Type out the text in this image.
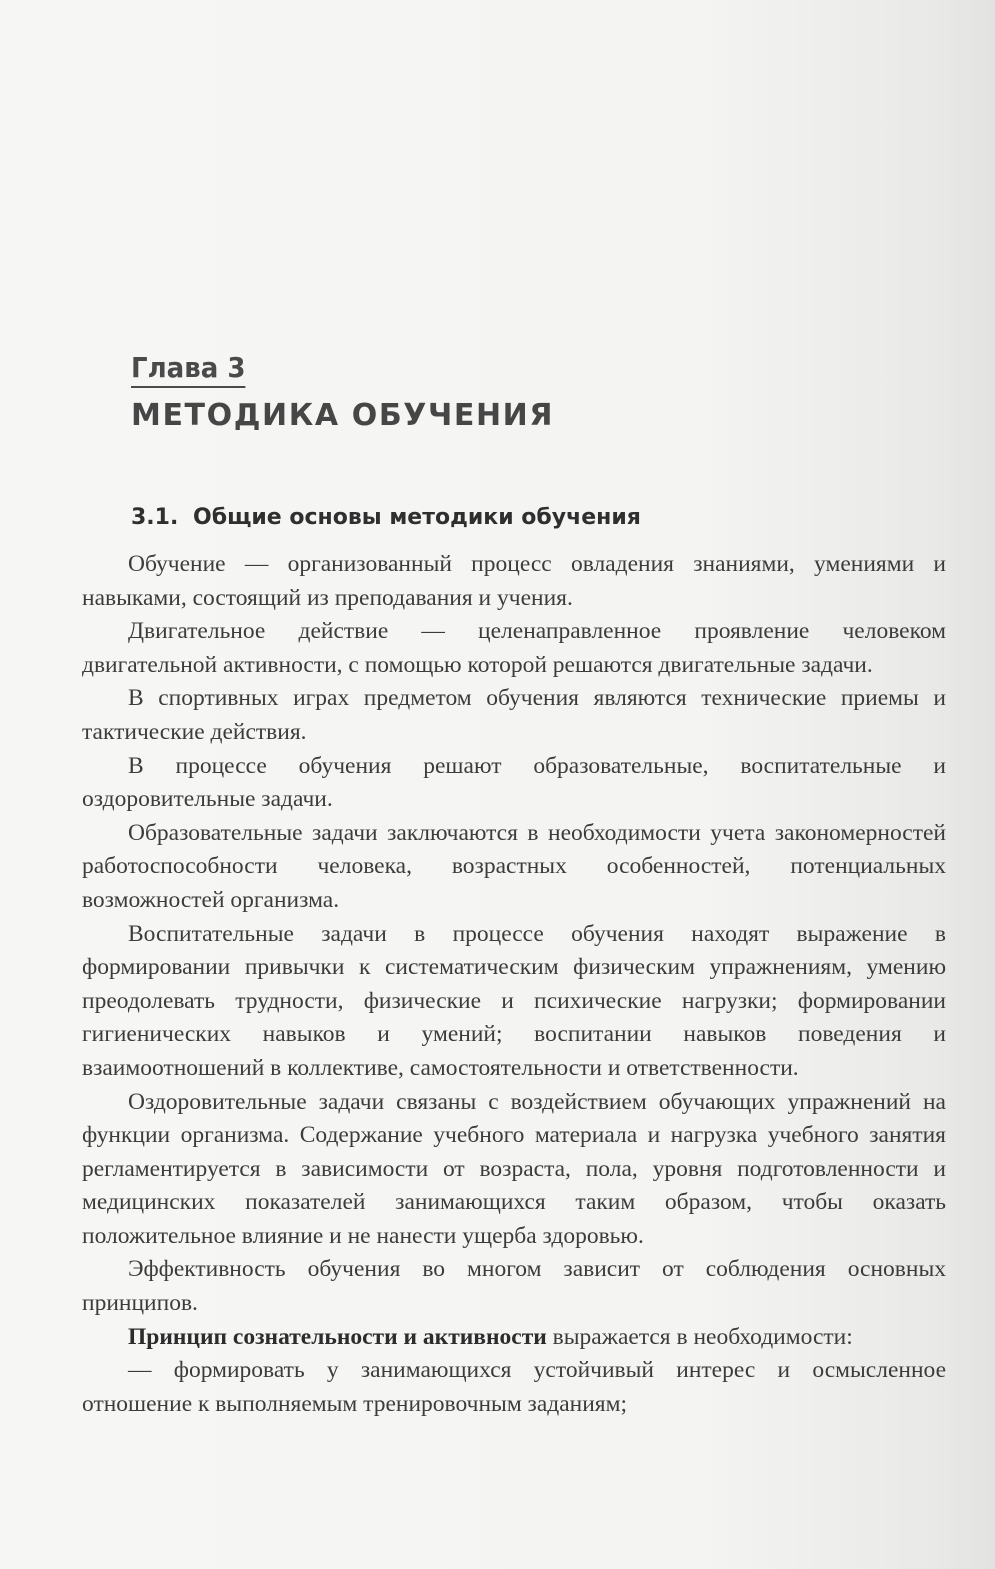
Глава 3
МЕТОДИКА ОБУЧЕНИЯ
3.1. Общие основы методики обучения

Обучение — организованный процесс овладения знаниями, умениями и навыками, состоящий из преподавания и учения.

Двигательное действие — целенаправленное проявление человеком двигательной активности, с помощью которой решаются двигательные задачи.

В спортивных играх предметом обучения являются технические приемы и тактические действия.

В процессе обучения решают образовательные, воспитательные и оздоровительные задачи.

Образовательные задачи заключаются в необходимости учета закономерностей работоспособности человека, возрастных особенностей, потенциальных возможностей организма.

Воспитательные задачи в процессе обучения находят выражение в формировании привычки к систематическим физическим упражнениям, умению преодолевать трудности, физические и психические нагрузки; формировании гигиенических навыков и умений; воспитании навыков поведения и взаимоотношений в коллективе, самостоятельности и ответственности.

Оздоровительные задачи связаны с воздействием обучающих упражнений на функции организма. Содержание учебного материала и нагрузка учебного занятия регламентируется в зависимости от возраста, пола, уровня подготовленности и медицинских показателей занимающихся таким образом, чтобы оказать положительное влияние и не нанести ущерба здоровью.

Эффективность обучения во многом зависит от соблюдения основных принципов.

Принцип сознательности и активности выражается в необходимости:

— формировать у занимающихся устойчивый интерес и осмысленное отношение к выполняемым тренировочным заданиям;
